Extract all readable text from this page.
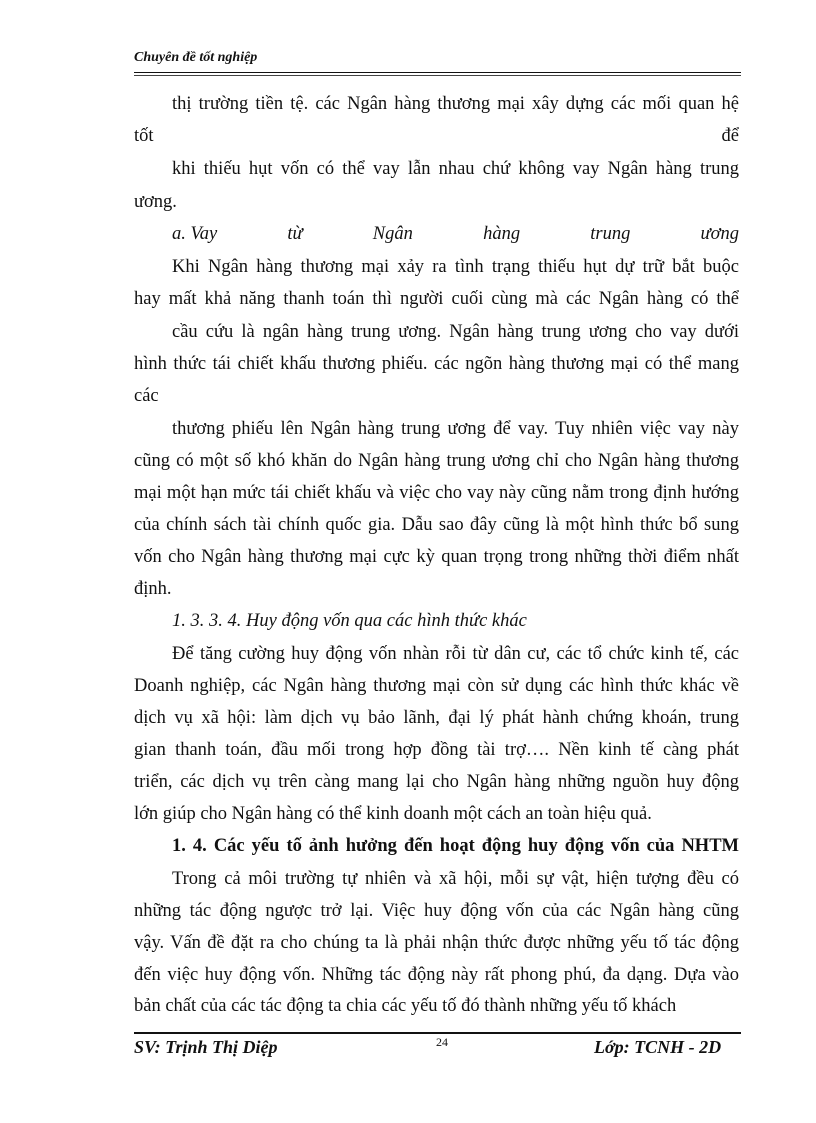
Chuyên đề tốt nghiệp
thị trường tiền tệ. các Ngân hàng thương mại xây dựng các mối quan hệ
tốt	để
khi thiếu hụt vốn có thể vay lẫn nhau chứ không vay Ngân hàng trung
ương.
a. Vay	từ	Ngân	hàng	trung	ương
Khi Ngân hàng thương mại xảy ra tình trạng thiếu hụt dự trữ bắt buộc
hay mất khả năng thanh toán thì người cuối cùng mà các Ngân hàng có thể
cầu cứu là ngân hàng trung ương. Ngân hàng trung ương cho vay dưới
hình thức tái chiết khấu thương phiếu. các ngõn hàng thương mại có thể mang
các
thương phiếu lên Ngân hàng trung ương để vay. Tuy nhiên việc vay này
cũng có một số khó khăn do Ngân hàng trung ương chỉ cho Ngân hàng thương
mại một hạn mức tái chiết khấu và việc cho vay này cũng nằm trong định hướng
của chính sách tài chính quốc gia. Dẫu sao đây cũng là một hình thức bổ sung
vốn cho Ngân hàng thương mại cực kỳ quan trọng trong những thời điểm nhất
định.
1. 3. 3. 4. Huy động vốn qua các hình thức khác
Để tăng cường huy động vốn nhàn rỗi từ dân cư, các tổ chức kinh tế, các
Doanh nghiệp, các Ngân hàng thương mại còn sử dụng các hình thức khác về
dịch vụ xã hội: làm dịch vụ bảo lãnh, đại lý phát hành chứng khoán, trung
gian thanh toán, đầu mối trong hợp đồng tài trợ…. Nền kinh tế càng phát
triển, các dịch vụ trên càng mang lại cho Ngân hàng những nguồn huy động
lớn giúp cho Ngân hàng có thể kinh doanh một cách an toàn hiệu quả.
1. 4. Các yếu tố ảnh hưởng đến hoạt động huy động vốn của NHTM
Trong cả môi trường tự nhiên và xã hội, mỗi sự vật, hiện tượng đều có
những tác động ngược trở lại. Việc huy động vốn của các Ngân hàng cũng
vậy. Vấn đề đặt ra cho chúng ta là phải nhận thức được những yếu tố tác động
đến việc huy động vốn. Những tác động này rất phong phú, đa dạng. Dựa vào
bản chất của các tác động ta chia các yếu tố đó thành những yếu tố khách
SV: Trịnh Thị Diệp	24	Lớp: TCNH - 2D
